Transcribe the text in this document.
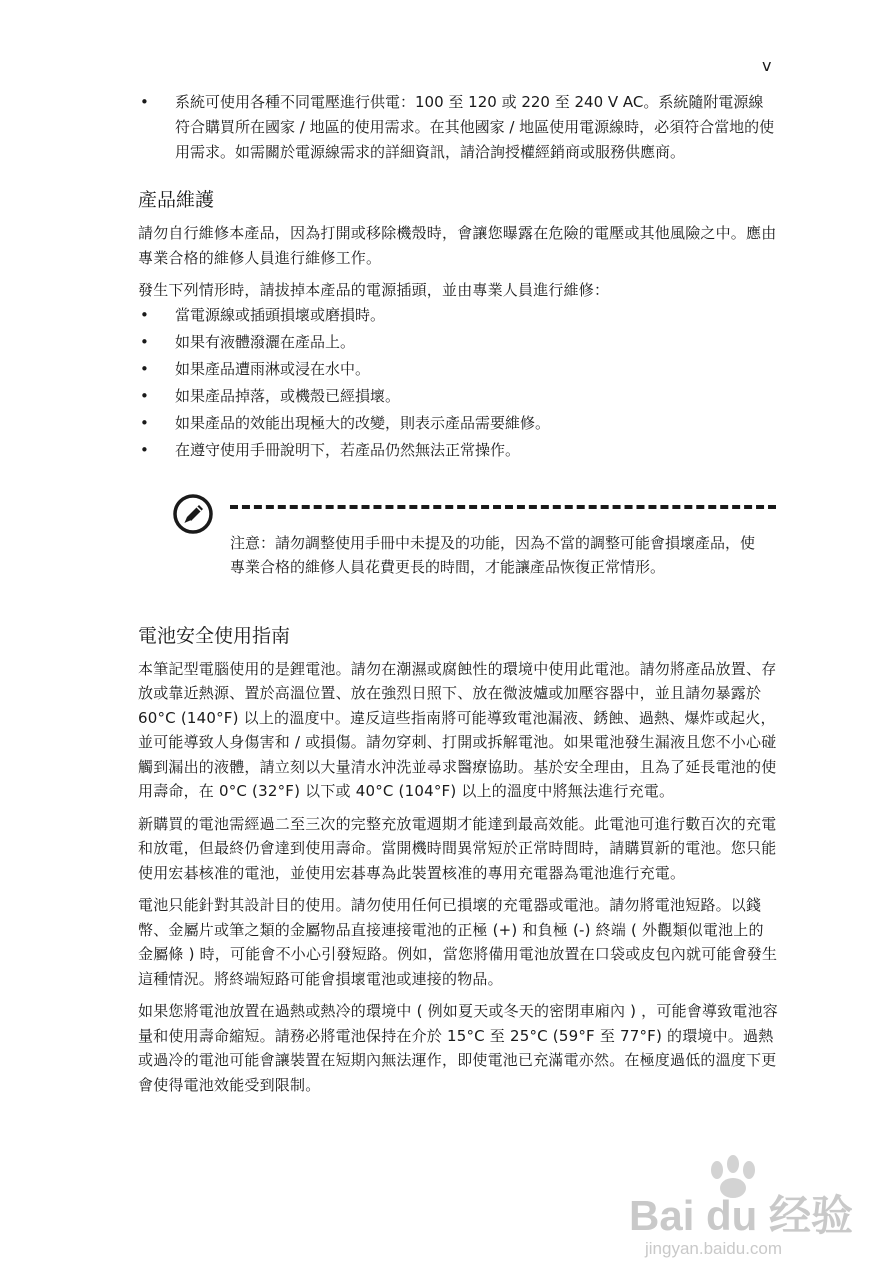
v
• 系統可使用各種不同電壓進行供電：100 至 120 或 220 至 240 V AC。系統隨附電源線符合購買所在國家 / 地區的使用需求。在其他國家 / 地區使用電源線時，必須符合當地的使用需求。如需關於電源線需求的詳細資訊，請洽詢授權經銷商或服務供應商。
產品維護

請勿自行維修本產品，因為打開或移除機殼時，會讓您曝露在危險的電壓或其他風險之中。應由專業合格的維修人員進行維修工作。

發生下列情形時，請拔掉本產品的電源插頭，並由專業人員進行維修：

• 當電源線或插頭損壞或磨損時。
• 如果有液體潑灑在產品上。
• 如果產品遭雨淋或浸在水中。
• 如果產品掉落，或機殼已經損壞。
• 如果產品的效能出現極大的改變，則表示產品需要維修。
• 在遵守使用手冊說明下，若產品仍然無法正常操作。
注意：請勿調整使用手冊中未提及的功能，因為不當的調整可能會損壞產品，使專業合格的維修人員花費更長的時間，才能讓產品恢復正常情形。
電池安全使用指南

本筆記型電腦使用的是鋰電池。請勿在潮濕或腐蝕性的環境中使用此電池。請勿將產品放置、存放或靠近熱源、置於高溫位置、放在強烈日照下、放在微波爐或加壓容器中，並且請勿暴露於 60°C (140°F) 以上的溫度中。違反這些指南將可能導致電池漏液、銹蝕、過熱、爆炸或起火，並可能導致人身傷害和 / 或損傷。請勿穿刺、打開或拆解電池。如果電池發生漏液且您不小心碰觸到漏出的液體，請立刻以大量清水沖洗並尋求醫療協助。基於安全理由，且為了延長電池的使用壽命，在 0°C (32°F) 以下或 40°C (104°F) 以上的溫度中將無法進行充電。

新購買的電池需經過二至三次的完整充放電週期才能達到最高效能。此電池可進行數百次的充電和放電，但最終仍會達到使用壽命。當開機時間異常短於正常時間時，請購買新的電池。您只能使用宏碁核准的電池，並使用宏碁專為此裝置核准的專用充電器為電池進行充電。

電池只能針對其設計目的使用。請勿使用任何已損壞的充電器或電池。請勿將電池短路。以錢幣、金屬片或筆之類的金屬物品直接連接電池的正極 (+) 和負極 (-) 終端 ( 外觀類似電池上的金屬條 ) 時，可能會不小心引發短路。例如，當您將備用電池放置在口袋或皮包內就可能會發生這種情況。將終端短路可能會損壞電池或連接的物品。

如果您將電池放置在過熱或熱冷的環境中 ( 例如夏天或冬天的密閉車廂內 ) ，可能會導致電池容量和使用壽命縮短。請務必將電池保持在介於 15°C 至 25°C (59°F 至 77°F) 的環境中。過熱或過冷的電池可能會讓裝置在短期內無法運作，即使電池已充滿電亦然。在極度過低的溫度下更會使得電池效能受到限制。

Bai du 经验
jingyan.baidu.com
